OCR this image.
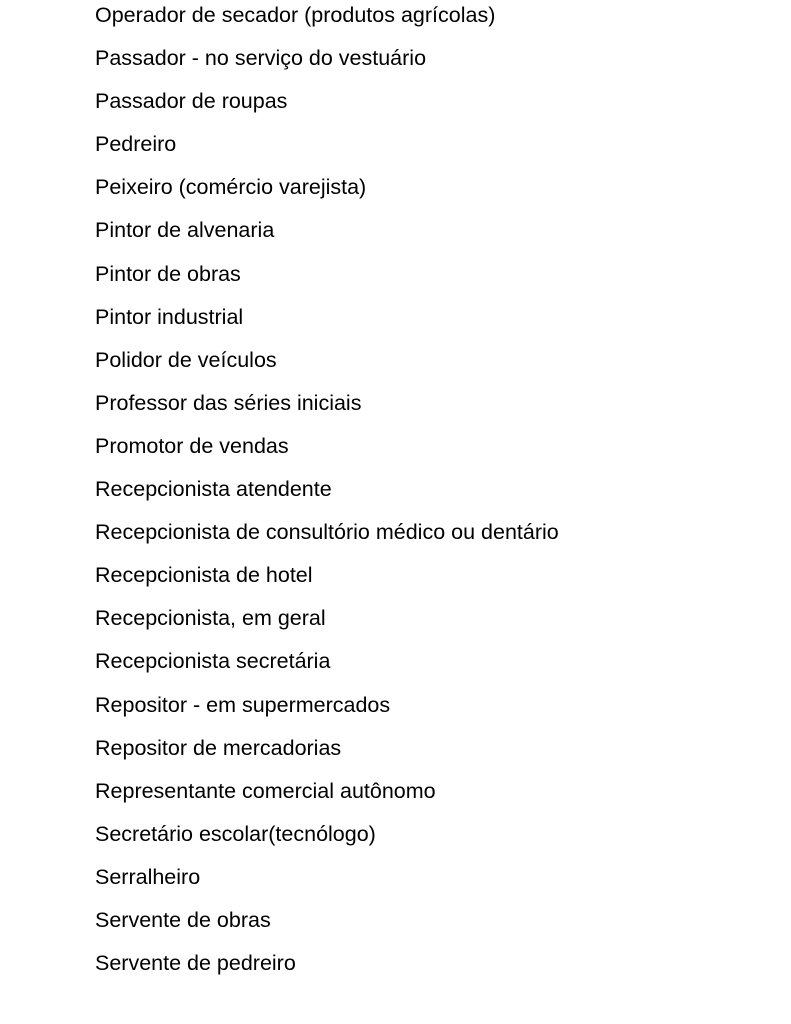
Operador de secador (produtos agrícolas)
Passador - no serviço do vestuário
Passador de roupas
Pedreiro
Peixeiro (comércio varejista)
Pintor de alvenaria
Pintor de obras
Pintor industrial
Polidor de veículos
Professor das séries iniciais
Promotor de vendas
Recepcionista atendente
Recepcionista de consultório médico ou dentário
Recepcionista de hotel
Recepcionista, em geral
Recepcionista secretária
Repositor - em supermercados
Repositor de mercadorias
Representante comercial autônomo
Secretário escolar(tecnólogo)
Serralheiro
Servente de obras
Servente de pedreiro
